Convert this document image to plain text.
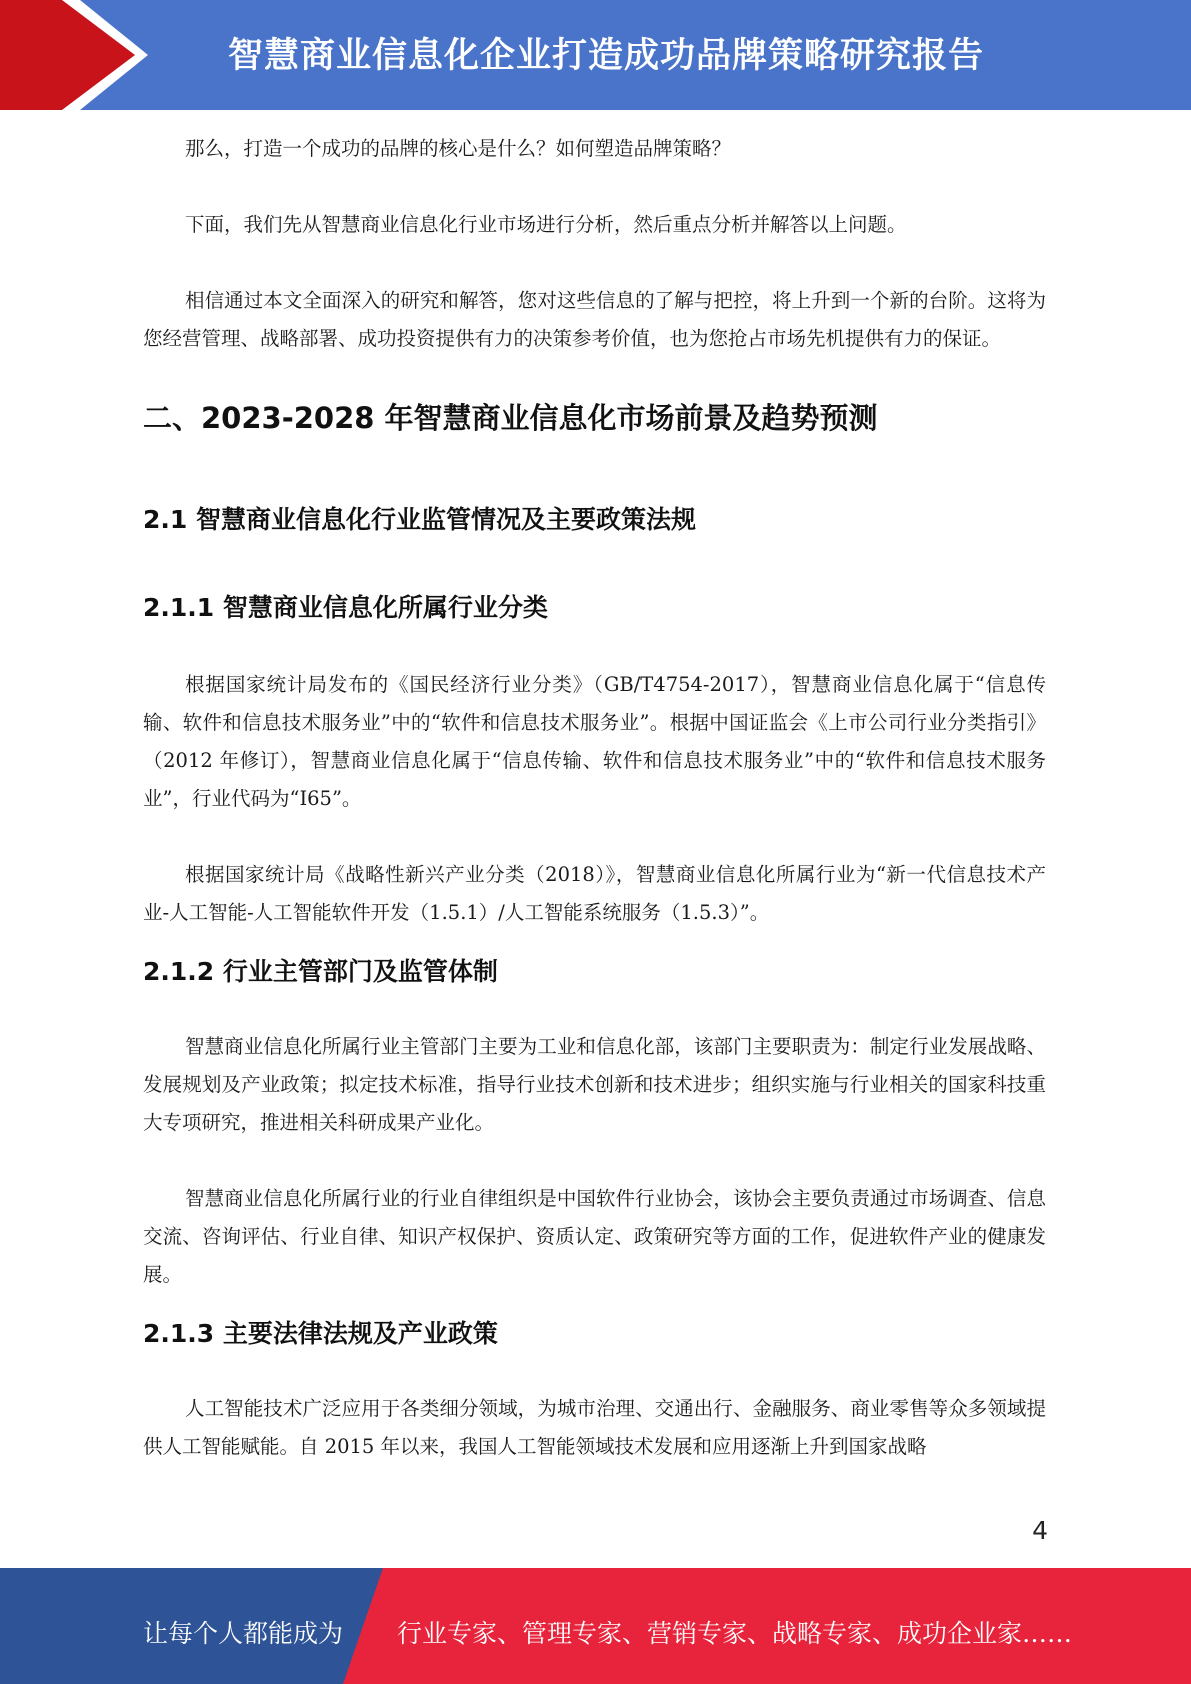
智慧商业信息化企业打造成功品牌策略研究报告

那么，打造一个成功的品牌的核心是什么？如何塑造品牌策略？

下面，我们先从智慧商业信息化行业市场进行分析，然后重点分析并解答以上问题。

相信通过本文全面深入的研究和解答，您对这些信息的了解与把控，将上升到一个新的台阶。这将为您经营管理、战略部署、成功投资提供有力的决策参考价值，也为您抢占市场先机提供有力的保证。

二、2023-2028 年智慧商业信息化市场前景及趋势预测
2.1 智慧商业信息化行业监管情况及主要政策法规
2.1.1 智慧商业信息化所属行业分类

根据国家统计局发布的《国民经济行业分类》（GB/T4754-2017），智慧商业信息化属于“信息传输、软件和信息技术服务业”中的“软件和信息技术服务业”。根据中国证监会《上市公司行业分类指引》（2012 年修订），智慧商业信息化属于“信息传输、软件和信息技术服务业”中的“软件和信息技术服务业”，行业代码为“I65”。

根据国家统计局《战略性新兴产业分类（2018）》，智慧商业信息化所属行业为“新一代信息技术产业-人工智能-人工智能软件开发（1.5.1）/人工智能系统服务（1.5.3）”。

2.1.2 行业主管部门及监管体制

智慧商业信息化所属行业主管部门主要为工业和信息化部，该部门主要职责为：制定行业发展战略、发展规划及产业政策；拟定技术标准，指导行业技术创新和技术进步；组织实施与行业相关的国家科技重大专项研究，推进相关科研成果产业化。

智慧商业信息化所属行业的行业自律组织是中国软件行业协会，该协会主要负责通过市场调查、信息交流、咨询评估、行业自律、知识产权保护、资质认定、政策研究等方面的工作，促进软件产业的健康发展。

2.1.3 主要法律法规及产业政策

人工智能技术广泛应用于各类细分领域，为城市治理、交通出行、金融服务、商业零售等众多领域提供人工智能赋能。自 2015 年以来，我国人工智能领域技术发展和应用逐渐上升到国家战略

4
让每个人都能成为 行业专家、管理专家、营销专家、战略专家、成功企业家……
